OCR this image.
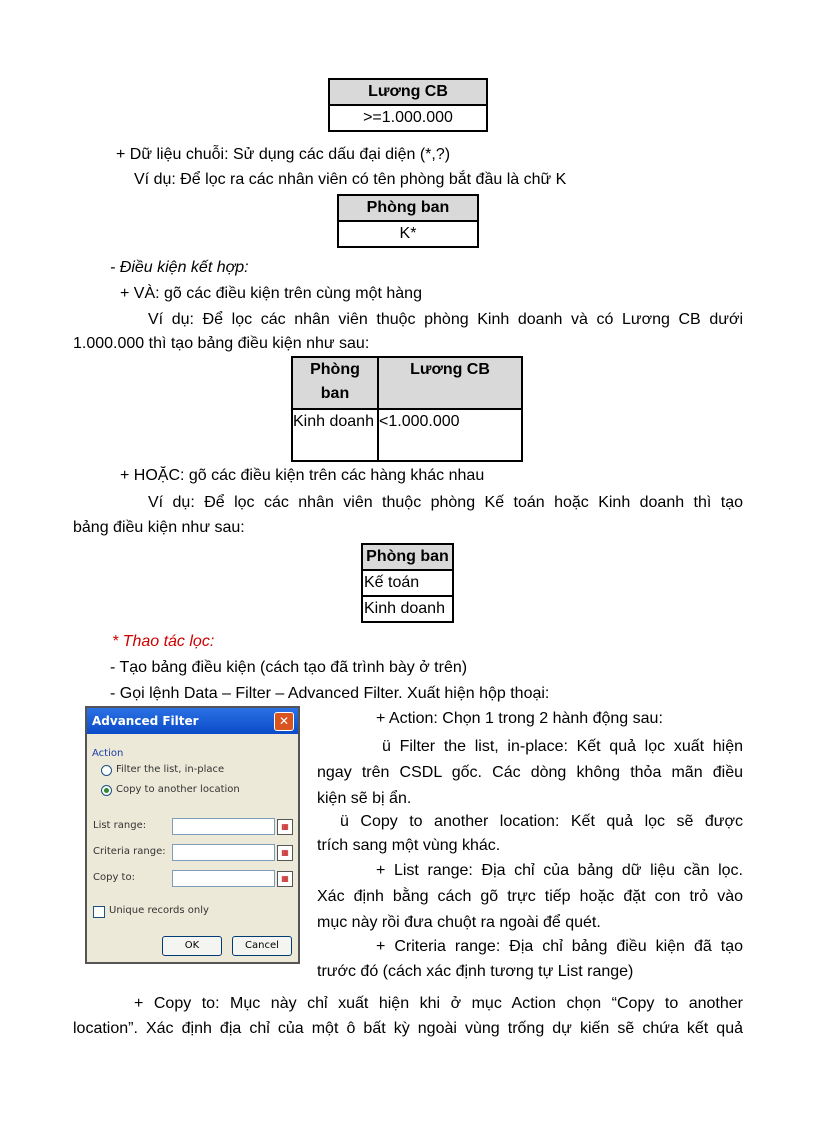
Lương CB
>=1.000.000
+ Dữ liệu chuỗi: Sử dụng các dấu đại diện (*,?)
Ví dụ: Để lọc ra các nhân viên có tên phòng bắt đầu là chữ K
Phòng ban
K*
- Điều kiện kết hợp:
+ VÀ: gõ các điều kiện trên cùng một hàng
Ví dụ: Để lọc các nhân viên thuộc phòng Kinh doanh và có Lương CB dưới
1.000.000 thì tạo bảng điều kiện như sau:
Phòng ban	Lương CB
Kinh doanh	<1.000.000
+ HOẶC: gõ các điều kiện trên các hàng khác nhau
Ví dụ: Để lọc các nhân viên thuộc phòng Kế toán hoặc Kinh doanh thì tạo
bảng điều kiện như sau:
Phòng ban
Kế toán
Kinh doanh
* Thao tác lọc:
- Tạo bảng điều kiện (cách tạo đã trình bày ở trên)
- Gọi lệnh Data – Filter – Advanced Filter. Xuất hiện hộp thoại:
Advanced Filter	✕
Action
Filter the list, in-place
Copy to another location
List range:	▦
Criteria range:	▦
Copy to:	▦
Unique records only
OK	Cancel
+ Action: Chọn 1 trong 2 hành động sau:
ü Filter the list, in-place: Kết quả lọc xuất hiện
ngay trên CSDL gốc. Các dòng không thỏa mãn điều
kiện sẽ bị ẩn.
ü Copy to another location: Kết quả lọc sẽ được
trích sang một vùng khác.
+ List range: Địa chỉ của bảng dữ liệu cần lọc.
Xác định bằng cách gõ trực tiếp hoặc đặt con trỏ vào
mục này rồi đưa chuột ra ngoài để quét.
+ Criteria range: Địa chỉ bảng điều kiện đã tạo
trước đó (cách xác định tương tự List range)
+ Copy to: Mục này chỉ xuất hiện khi ở mục Action chọn “Copy to another
location”. Xác định địa chỉ của một ô bất kỳ ngoài vùng trống dự kiến sẽ chứa kết quả
